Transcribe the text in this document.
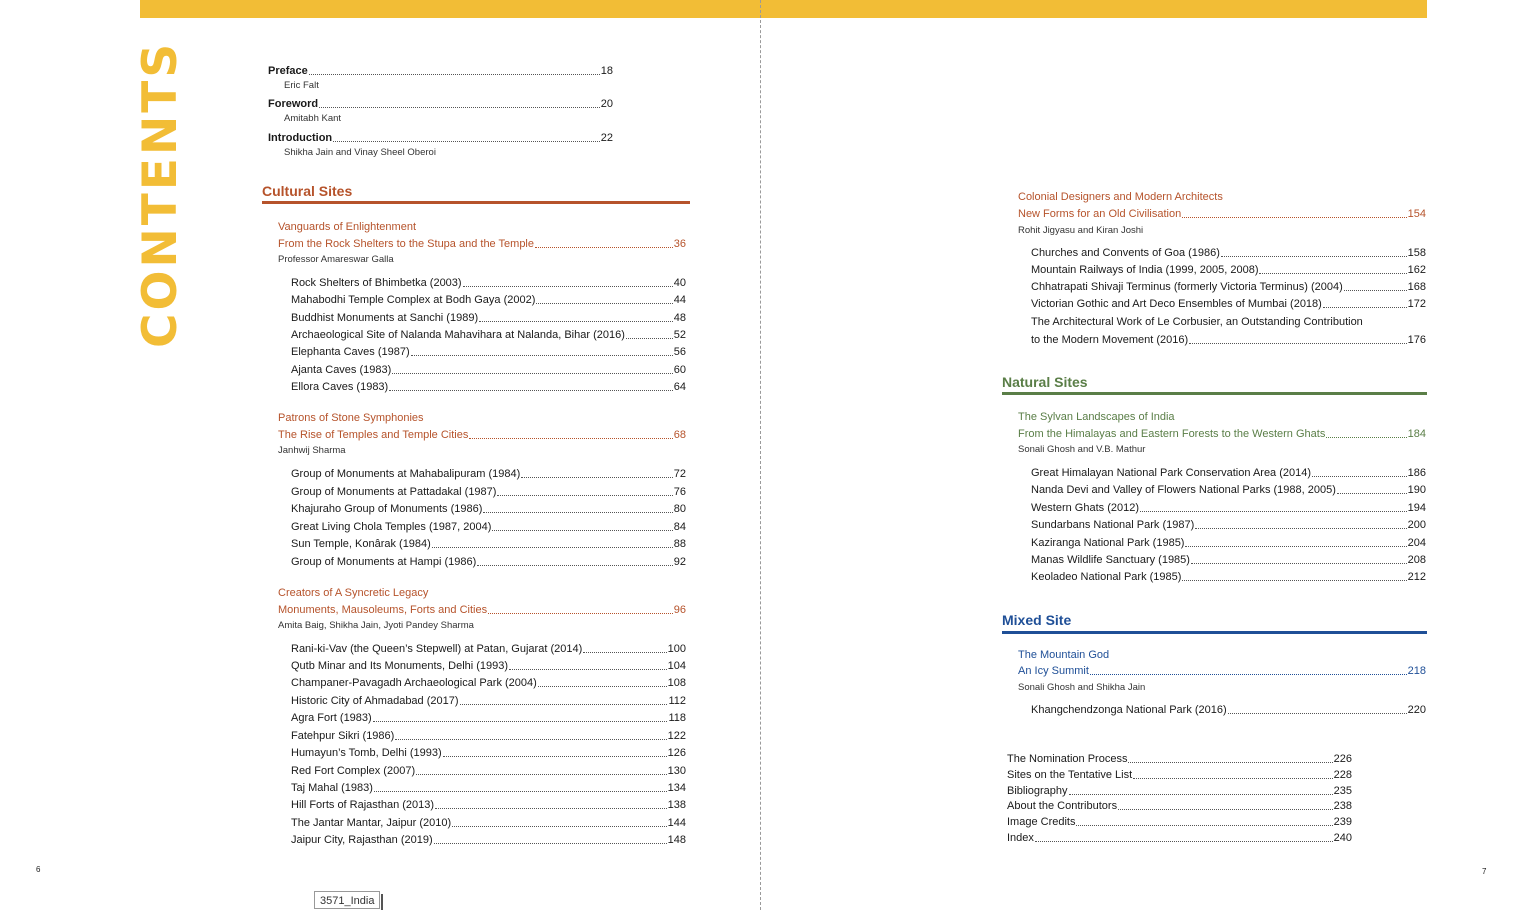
CONTENTS	Preface	18
Eric Falt
Foreword	20
Amitabh Kant
Introduction	22
Shikha Jain and Vinay Sheel Oberoi
Cultural Sites
Vanguards of Enlightenment
From the Rock Shelters to the Stupa and the Temple	36
Professor Amareswar Galla
Rock Shelters of Bhimbetka (2003)	40
Mahabodhi Temple Complex at Bodh Gaya (2002)	44
Buddhist Monuments at Sanchi (1989)	48
Archaeological Site of Nalanda Mahavihara at Nalanda, Bihar (2016)	52
Elephanta Caves (1987)	56
Ajanta Caves (1983)	60
Ellora Caves (1983)	64
Patrons of Stone Symphonies
The Rise of Temples and Temple Cities	68
Janhwij Sharma
Group of Monuments at Mahabalipuram (1984)	72
Group of Monuments at Pattadakal (1987)	76
Khajuraho Group of Monuments (1986)	80
Great Living Chola Temples (1987, 2004)	84
Sun Temple, Konârak (1984)	88
Group of Monuments at Hampi (1986)	92
Creators of A Syncretic Legacy
Monuments, Mausoleums, Forts and Cities	96
Amita Baig, Shikha Jain, Jyoti Pandey Sharma
Rani-ki-Vav (the Queen’s Stepwell) at Patan, Gujarat (2014)	100
Qutb Minar and Its Monuments, Delhi (1993)	104
Champaner-Pavagadh Archaeological Park (2004)	108
Historic City of Ahmadabad (2017)	112
Agra Fort (1983)	118
Fatehpur Sikri (1986)	122
Humayun’s Tomb, Delhi (1993)	126
Red Fort Complex (2007)	130
Taj Mahal (1983)	134
Hill Forts of Rajasthan (2013)	138
The Jantar Mantar, Jaipur (2010)	144
Jaipur City, Rajasthan (2019)	148
Colonial Designers and Modern Architects
New Forms for an Old Civilisation	154
Rohit Jigyasu and Kiran Joshi
Churches and Convents of Goa (1986)	158
Mountain Railways of India (1999, 2005, 2008)	162
Chhatrapati Shivaji Terminus (formerly Victoria Terminus) (2004)	168
Victorian Gothic and Art Deco Ensembles of Mumbai (2018)	172
The Architectural Work of Le Corbusier, an Outstanding Contribution
to the Modern Movement (2016)	176
Natural Sites
The Sylvan Landscapes of India
From the Himalayas and Eastern Forests to the Western Ghats	184
Sonali Ghosh and V.B. Mathur
Great Himalayan National Park Conservation Area (2014)	186
Nanda Devi and Valley of Flowers National Parks (1988, 2005)	190
Western Ghats (2012)	194
Sundarbans National Park (1987)	200
Kaziranga National Park (1985)	204
Manas Wildlife Sanctuary (1985)	208
Keoladeo National Park (1985)	212
Mixed Site
The Mountain God
An Icy Summit	218
Sonali Ghosh and Shikha Jain
Khangchendzonga National Park (2016)	220
The Nomination Process	226
Sites on the Tentative List	228
Bibliography	235
About the Contributors	238
Image Credits	239
Index	240
6	7
3571_India
